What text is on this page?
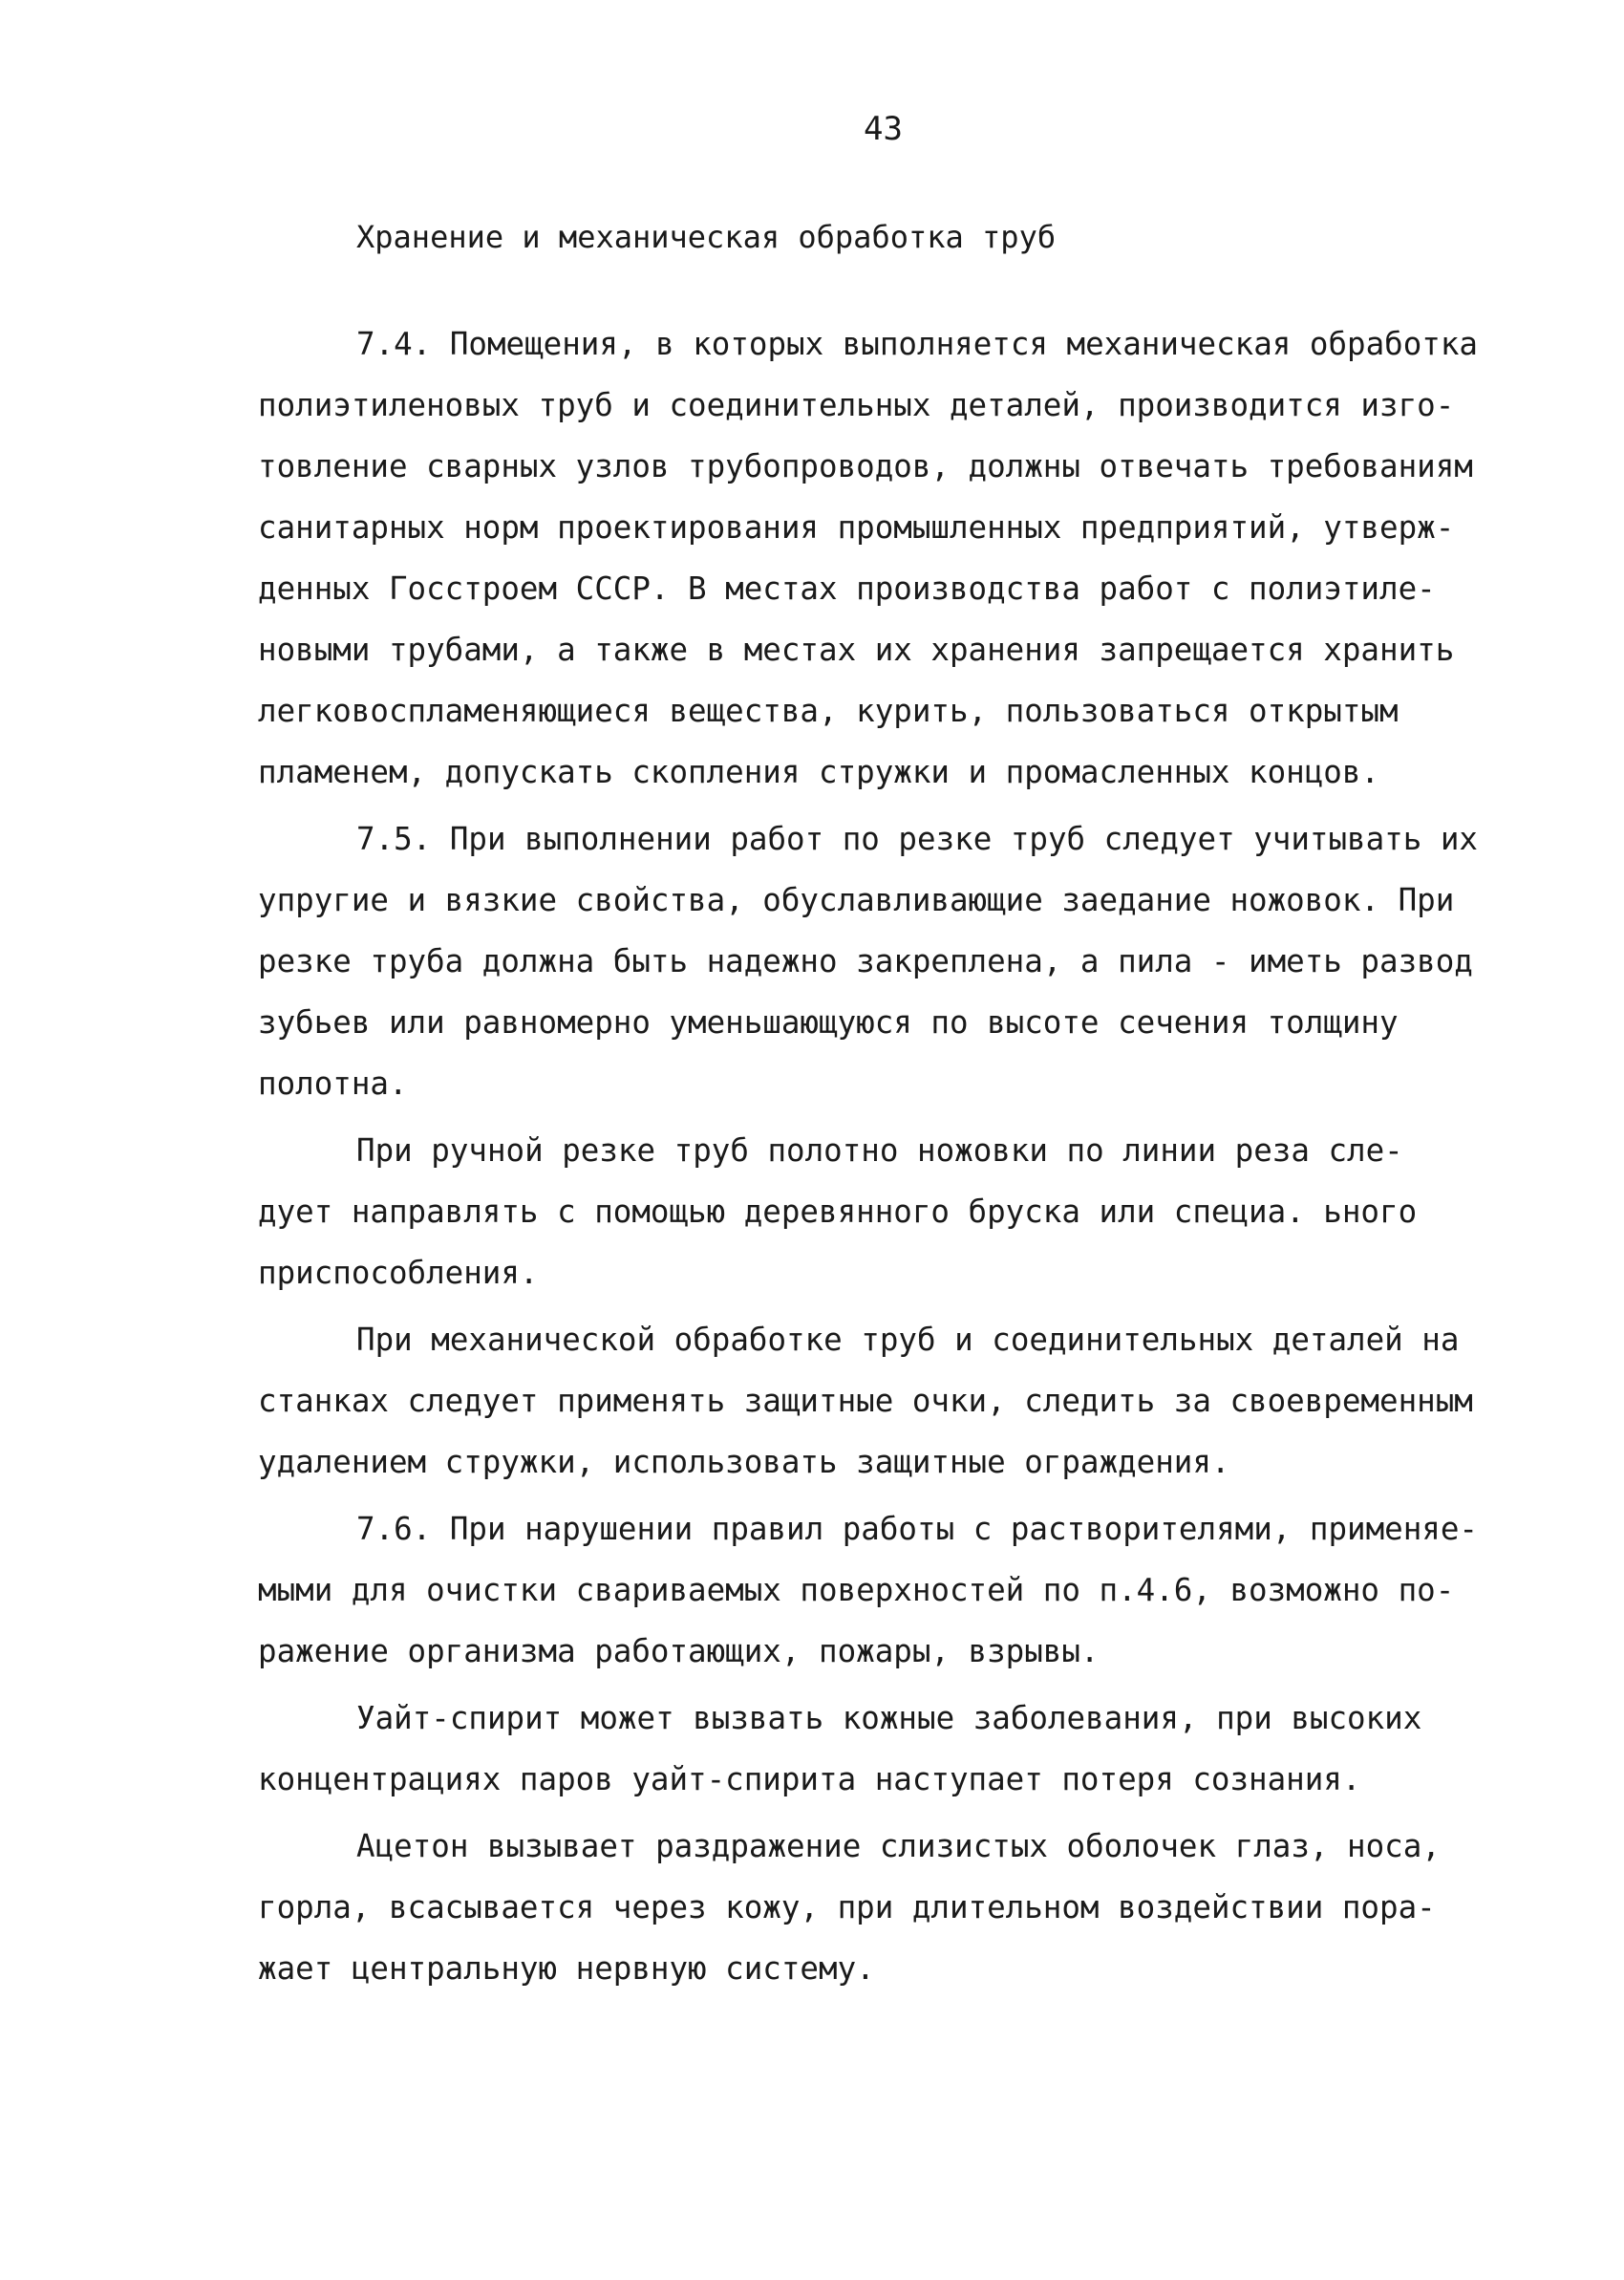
43
Хранение и механическая обработка труб
7.4. Помещения, в которых выполняется механическая обработка
полиэтиленовых труб и соединительных деталей, производится изго-
товление сварных узлов трубопроводов, должны отвечать требованиям
санитарных норм проектирования промышленных предприятий, утверж-
денных Госстроем СССР. В местах производства работ с полиэтиле-
новыми трубами, а также в местах их хранения запрещается хранить
легковоспламеняющиеся вещества, курить, пользоваться открытым
пламенем, допускать скопления стружки и промасленных концов.
7.5. При выполнении работ по резке труб следует учитывать их
упругие и вязкие свойства, обуславливающие заедание ножовок. При
резке труба должна быть надежно закреплена, а пила - иметь развод
зубьев или равномерно уменьшающуюся по высоте сечения толщину
полотна.
При ручной резке труб полотно ножовки по линии реза сле-
дует направлять с помощью деревянного бруска или специа. ьного
приспособления.
При механической обработке труб и соединительных деталей на
станках следует применять защитные очки, следить за своевременным
удалением стружки, использовать защитные ограждения.
7.6. При нарушении правил работы с растворителями, применяе-
мыми для очистки свариваемых поверхностей по п.4.6, возможно по-
ражение организма работающих, пожары, взрывы.
Уайт-спирит может вызвать кожные заболевания, при высоких
концентрациях паров уайт-спирита наступает потеря сознания.
Ацетон вызывает раздражение слизистых оболочек глаз, носа,
горла, всасывается через кожу, при длительном воздействии пора-
жает центральную нервную систему.
